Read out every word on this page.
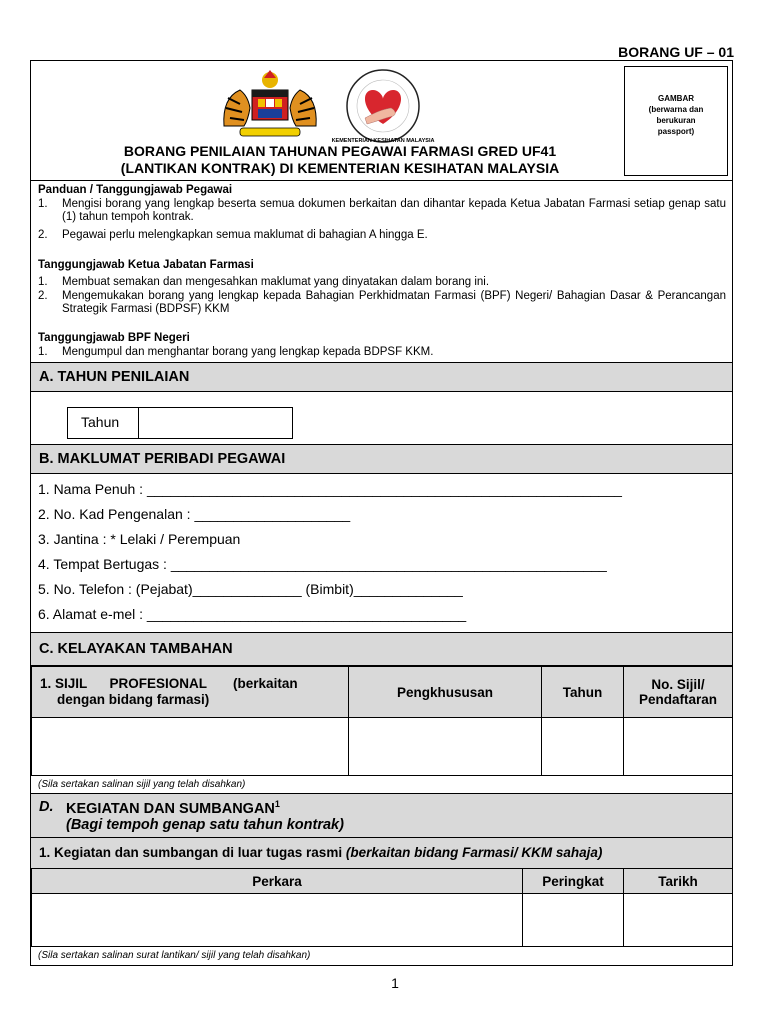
BORANG UF – 01
KEMENTERIAN KESIHATAN MALAYSIA
GAMBAR
(berwarna dan
berukuran
passport)
BORANG PENILAIAN TAHUNAN PEGAWAI FARMASI GRED UF41
(LANTIKAN KONTRAK) DI KEMENTERIAN KESIHATAN MALAYSIA
Panduan / Tanggungjawab Pegawai
1. Mengisi borang yang lengkap beserta semua dokumen berkaitan dan dihantar kepada Ketua Jabatan Farmasi setiap genap satu (1) tahun tempoh kontrak.
2. Pegawai perlu melengkapkan semua maklumat di bahagian A hingga E.
Tanggungjawab Ketua Jabatan Farmasi
1. Membuat semakan dan mengesahkan maklumat yang dinyatakan dalam borang ini.
2. Mengemukakan borang yang lengkap kepada Bahagian Perkhidmatan Farmasi (BPF) Negeri/ Bahagian Dasar & Perancangan Strategik Farmasi (BDPSF) KKM
Tanggungjawab BPF Negeri
1. Mengumpul dan menghantar borang yang lengkap kepada BDPSF KKM.
A. TAHUN PENILAIAN
Tahun
B. MAKLUMAT PERIBADI PEGAWAI
1. Nama Penuh : _____________________________________________________________
2. No. Kad Pengenalan : ____________________
3. Jantina : * Lelaki / Perempuan
4. Tempat Bertugas : ________________________________________________________
5. No. Telefon : (Pejabat)______________ (Bimbit)______________
6. Alamat e-mel : _________________________________________
C. KELAYAKAN TAMBAHAN
1. SIJIL      PROFESIONAL       (berkaitan
dengan bidang farmasi)	Pengkhususan	Tahun	No. Sijil/
Pendaftaran
(Sila sertakan salinan sijil yang telah disahkan)
D. KEGIATAN DAN SUMBANGAN$^1$
(Bagi tempoh genap satu tahun kontrak)
1. Kegiatan dan sumbangan di luar tugas rasmi (berkaitan bidang Farmasi/ KKM sahaja)
Perkara	Peringkat	Tarikh
(Sila sertakan salinan surat lantikan/ sijil yang telah disahkan)
1
